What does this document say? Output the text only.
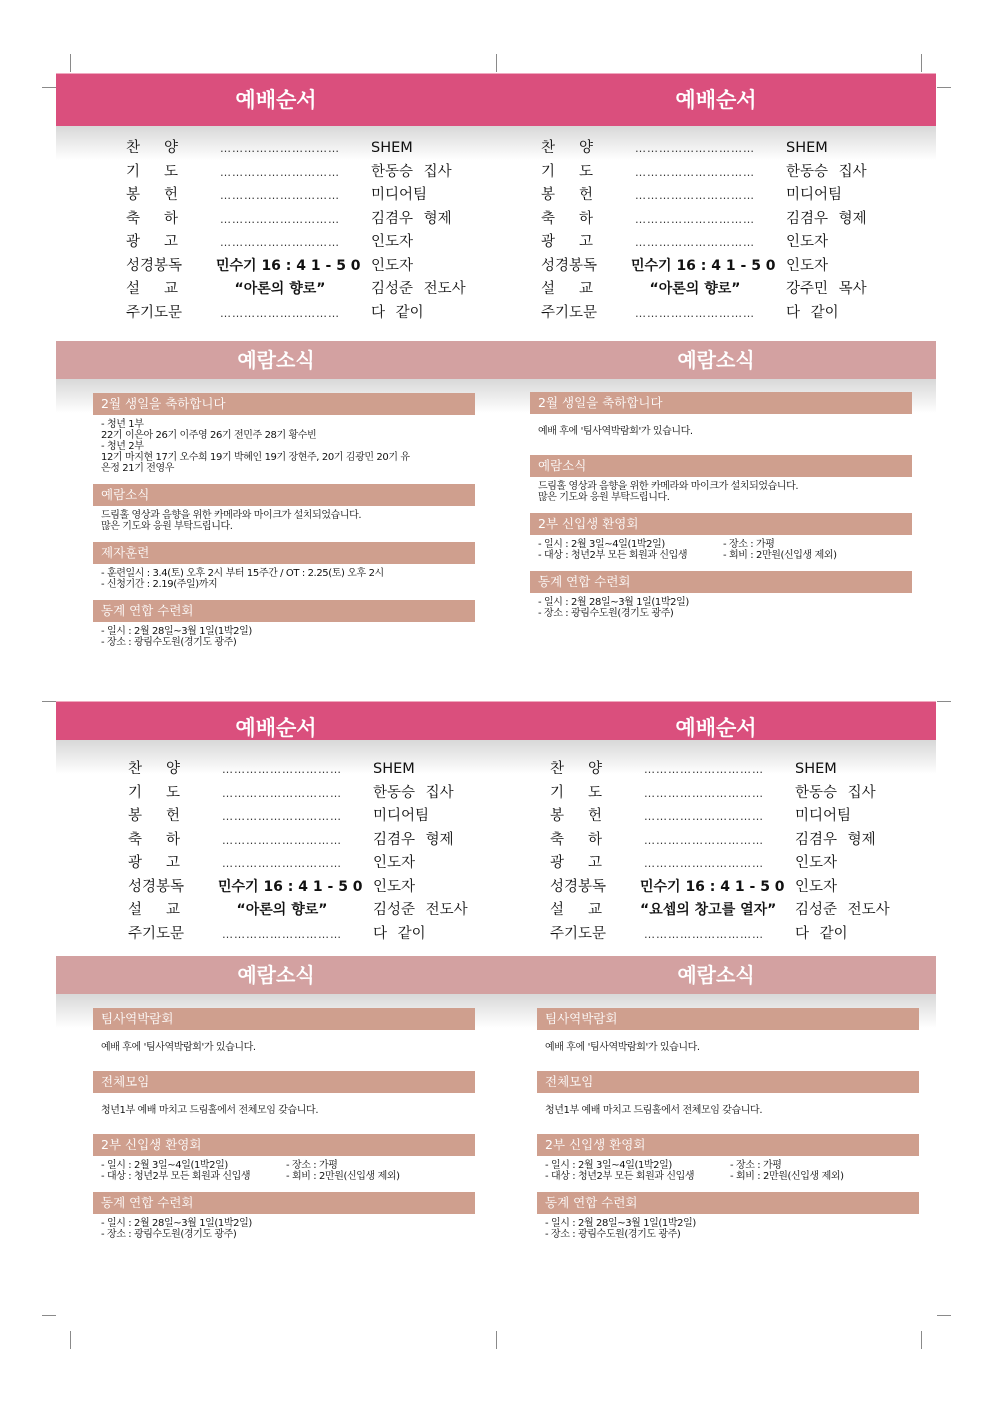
예배순서	예배순서
찬 양	………………………… SHEM
기 도	………………………… 한동승 집사
봉 헌	………………………… 미디어팀
축 하	………………………… 김겸우 형제
광 고	………………………… 인도자
성경봉독 민수기 16 : 4 1 - 5 0 인도자
설 교	“아론의 향로”	김성준 전도사
주기도문	………………………… 다 같이
찬 양	………………………… SHEM
기 도	………………………… 한동승 집사
봉 헌	………………………… 미디어팀
축 하	………………………… 김겸우 형제
광 고	………………………… 인도자
성경봉독 민수기 16 : 4 1 - 5 0 인도자
설 교	“아론의 향로”	강주민 목사
주기도문	………………………… 다 같이
예람소식	예람소식
2월 생일을 축하합니다
- 청년 1부
22기 이은아 26기 이주영 26기 전민주 28기 황수빈
- 청년 2부
12기 마지현 17기 오수희 19기 박혜인 19기 장현주, 20기 김광민 20기 유
은정 21기 전영우
예람소식
드림홀 영상과 음향을 위한 카메라와 마이크가 설치되었습니다.
많은 기도와 응원 부탁드립니다.
제자훈련
- 훈련일시 : 3.4(토) 오후 2시 부터 15주간 / OT : 2.25(토) 오후 2시
- 신청기간 : 2.19(주일)까지
동계 연합 수련회
- 일시 : 2월 28일~3월 1일(1박2일)
- 장소 : 광림수도원(경기도 광주)
2월 생일을 축하합니다
예배 후에 '팀사역박람회'가 있습니다.
예람소식
드림홀 영상과 음향을 위한 카메라와 마이크가 설치되었습니다.
많은 기도와 응원 부탁드립니다.
2부 신입생 환영회
- 일시 : 2월 3일~4일(1박2일)
- 대상 : 청년2부 모든 회원과 신입생
- 장소 : 가평
- 회비 : 2만원(신입생 제외)
동계 연합 수련회
- 일시 : 2월 28일~3월 1일(1박2일)
- 장소 : 광림수도원(경기도 광주)
예배순서	예배순서
찬 양	………………………… SHEM
기 도	………………………… 한동승 집사
봉 헌	………………………… 미디어팀
축 하	………………………… 김겸우 형제
광 고	………………………… 인도자
성경봉독 민수기 16 : 4 1 - 5 0 인도자
설 교	“아론의 향로”	김성준 전도사
주기도문	………………………… 다 같이
찬 양	………………………… SHEM
기 도	………………………… 한동승 집사
봉 헌	………………………… 미디어팀
축 하	………………………… 김겸우 형제
광 고	………………………… 인도자
성경봉독 민수기 16 : 4 1 - 5 0 인도자
설 교	“요셉의 창고를 열자” 김성준 전도사
주기도문	………………………… 다 같이
예람소식	예람소식
팀사역박람회
예배 후에 '팀사역박람회'가 있습니다.
전체모임
청년1부 예배 마치고 드림홀에서 전체모임 갖습니다.
2부 신입생 환영회
- 일시 : 2월 3일~4일(1박2일)
- 대상 : 청년2부 모든 회원과 신입생
- 장소 : 가평
- 회비 : 2만원(신입생 제외)
동계 연합 수련회
- 일시 : 2월 28일~3월 1일(1박2일)
- 장소 : 광림수도원(경기도 광주)
팀사역박람회
예배 후에 '팀사역박람회'가 있습니다.
전체모임
청년1부 예배 마치고 드림홀에서 전체모임 갖습니다.
2부 신입생 환영회
- 일시 : 2월 3일~4일(1박2일)
- 대상 : 청년2부 모든 회원과 신입생
- 장소 : 가평
- 회비 : 2만원(신입생 제외)
동계 연합 수련회
- 일시 : 2월 28일~3월 1일(1박2일)
- 장소 : 광림수도원(경기도 광주)
